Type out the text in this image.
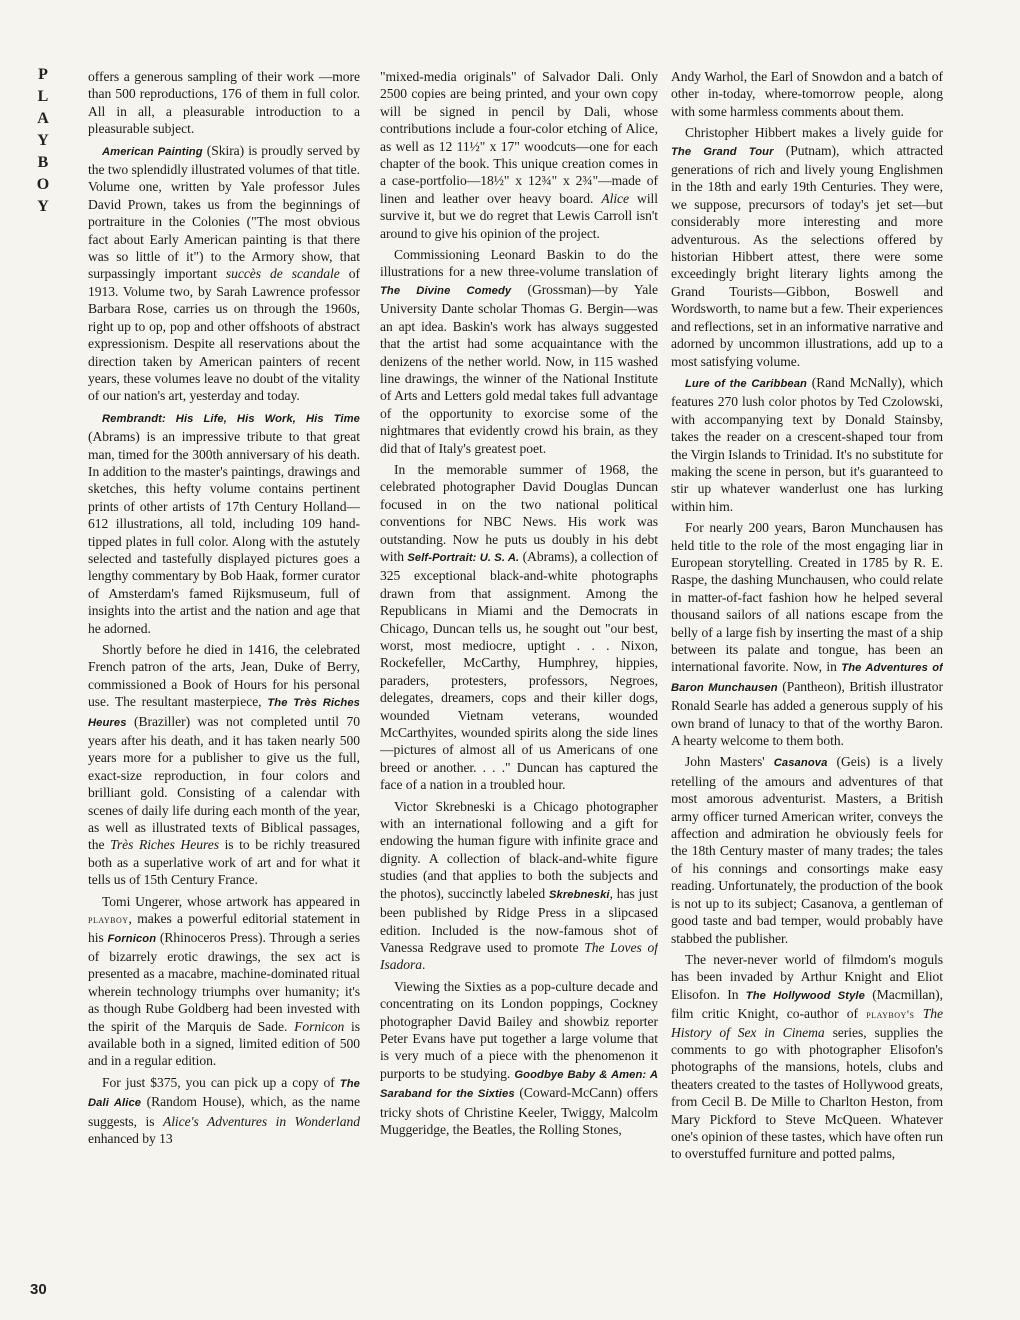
P
L
A
Y
B
O
Y
30

offers a generous sampling of their work —more than 500 reproductions, 176 of them in full color. All in all, a pleasurable introduction to a pleasurable subject.

American Painting (Skira) is proudly served by the two splendidly illustrated volumes of that title. Volume one, written by Yale professor Jules David Prown, takes us from the beginnings of portraiture in the Colonies ("The most obvious fact about Early American painting is that there was so little of it") to the Armory show, that surpassingly important succès de scandale of 1913. Volume two, by Sarah Lawrence professor Barbara Rose, carries us on through the 1960s, right up to op, pop and other offshoots of abstract expressionism. Despite all reservations about the direction taken by American painters of recent years, these volumes leave no doubt of the vitality of our nation's art, yesterday and today.

Rembrandt: His Life, His Work, His Time (Abrams) is an impressive tribute to that great man, timed for the 300th anniversary of his death. In addition to the master's paintings, drawings and sketches, this hefty volume contains pertinent prints of other artists of 17th Century Holland—612 illustrations, all told, including 109 hand-tipped plates in full color. Along with the astutely selected and tastefully displayed pictures goes a lengthy commentary by Bob Haak, former curator of Amsterdam's famed Rijksmuseum, full of insights into the artist and the nation and age that he adorned.

Shortly before he died in 1416, the celebrated French patron of the arts, Jean, Duke of Berry, commissioned a Book of Hours for his personal use. The resultant masterpiece, The Très Riches Heures (Braziller) was not completed until 70 years after his death, and it has taken nearly 500 years more for a publisher to give us the full, exact-size reproduction, in four colors and brilliant gold. Consisting of a calendar with scenes of daily life during each month of the year, as well as illustrated texts of Biblical passages, the Très Riches Heures is to be richly treasured both as a superlative work of art and for what it tells us of 15th Century France.

Tomi Ungerer, whose artwork has appeared in playboy, makes a powerful editorial statement in his Fornicon (Rhinoceros Press). Through a series of bizarrely erotic drawings, the sex act is presented as a macabre, machine-dominated ritual wherein technology triumphs over humanity; it's as though Rube Goldberg had been invested with the spirit of the Marquis de Sade. Fornicon is available both in a signed, limited edition of 500 and in a regular edition.

For just $375, you can pick up a copy of The Dali Alice (Random House), which, as the name suggests, is Alice's Adventures in Wonderland enhanced by 13

"mixed-media originals" of Salvador Dali. Only 2500 copies are being printed, and your own copy will be signed in pencil by Dali, whose contributions include a four-color etching of Alice, as well as 12 11½" x 17" woodcuts—one for each chapter of the book. This unique creation comes in a case-portfolio—18½" x 12¾" x 2¾"—made of linen and leather over heavy board. Alice will survive it, but we do regret that Lewis Carroll isn't around to give his opinion of the project.

Commissioning Leonard Baskin to do the illustrations for a new three-volume translation of The Divine Comedy (Grossman)—by Yale University Dante scholar Thomas G. Bergin—was an apt idea. Baskin's work has always suggested that the artist had some acquaintance with the denizens of the nether world. Now, in 115 washed line drawings, the winner of the National Institute of Arts and Letters gold medal takes full advantage of the opportunity to exorcise some of the nightmares that evidently crowd his brain, as they did that of Italy's greatest poet.

In the memorable summer of 1968, the celebrated photographer David Douglas Duncan focused in on the two national political conventions for NBC News. His work was outstanding. Now he puts us doubly in his debt with Self-Portrait: U. S. A. (Abrams), a collection of 325 exceptional black-and-white photographs drawn from that assignment. Among the Republicans in Miami and the Democrats in Chicago, Duncan tells us, he sought out "our best, worst, most mediocre, uptight . . . Nixon, Rockefeller, McCarthy, Humphrey, hippies, paraders, protesters, professors, Negroes, delegates, dreamers, cops and their killer dogs, wounded Vietnam veterans, wounded McCarthyites, wounded spirits along the side lines—pictures of almost all of us Americans of one breed or another. . . ." Duncan has captured the face of a nation in a troubled hour.

Victor Skrebneski is a Chicago photographer with an international following and a gift for endowing the human figure with infinite grace and dignity. A collection of black-and-white figure studies (and that applies to both the subjects and the photos), succinctly labeled Skrebneski, has just been published by Ridge Press in a slipcased edition. Included is the now-famous shot of Vanessa Redgrave used to promote The Loves of Isadora.

Viewing the Sixties as a pop-culture decade and concentrating on its London poppings, Cockney photographer David Bailey and showbiz reporter Peter Evans have put together a large volume that is very much of a piece with the phenomenon it purports to be studying. Goodbye Baby & Amen: A Saraband for the Sixties (Coward-McCann) offers tricky shots of Christine Keeler, Twiggy, Malcolm Muggeridge, the Beatles, the Rolling Stones,

Andy Warhol, the Earl of Snowdon and a batch of other in-today, where-tomorrow people, along with some harmless comments about them.

Christopher Hibbert makes a lively guide for The Grand Tour (Putnam), which attracted generations of rich and lively young Englishmen in the 18th and early 19th Centuries. They were, we suppose, precursors of today's jet set—but considerably more interesting and more adventurous. As the selections offered by historian Hibbert attest, there were some exceedingly bright literary lights among the Grand Tourists—Gibbon, Boswell and Wordsworth, to name but a few. Their experiences and reflections, set in an informative narrative and adorned by uncommon illustrations, add up to a most satisfying volume.

Lure of the Caribbean (Rand McNally), which features 270 lush color photos by Ted Czolowski, with accompanying text by Donald Stainsby, takes the reader on a crescent-shaped tour from the Virgin Islands to Trinidad. It's no substitute for making the scene in person, but it's guaranteed to stir up whatever wanderlust one has lurking within him.

For nearly 200 years, Baron Munchausen has held title to the role of the most engaging liar in European storytelling. Created in 1785 by R. E. Raspe, the dashing Munchausen, who could relate in matter-of-fact fashion how he helped several thousand sailors of all nations escape from the belly of a large fish by inserting the mast of a ship between its palate and tongue, has been an international favorite. Now, in The Adventures of Baron Munchausen (Pantheon), British illustrator Ronald Searle has added a generous supply of his own brand of lunacy to that of the worthy Baron. A hearty welcome to them both.

John Masters' Casanova (Geis) is a lively retelling of the amours and adventures of that most amorous adventurist. Masters, a British army officer turned American writer, conveys the affection and admiration he obviously feels for the 18th Century master of many trades; the tales of his connings and consortings make easy reading. Unfortunately, the production of the book is not up to its subject; Casanova, a gentleman of good taste and bad temper, would probably have stabbed the publisher.

The never-never world of filmdom's moguls has been invaded by Arthur Knight and Eliot Elisofon. In The Hollywood Style (Macmillan), film critic Knight, co-author of playboy's The History of Sex in Cinema series, supplies the comments to go with photographer Elisofon's photographs of the mansions, hotels, clubs and theaters created to the tastes of Hollywood greats, from Cecil B. De Mille to Charlton Heston, from Mary Pickford to Steve McQueen. Whatever one's opinion of these tastes, which have often run to overstuffed furniture and potted palms,
